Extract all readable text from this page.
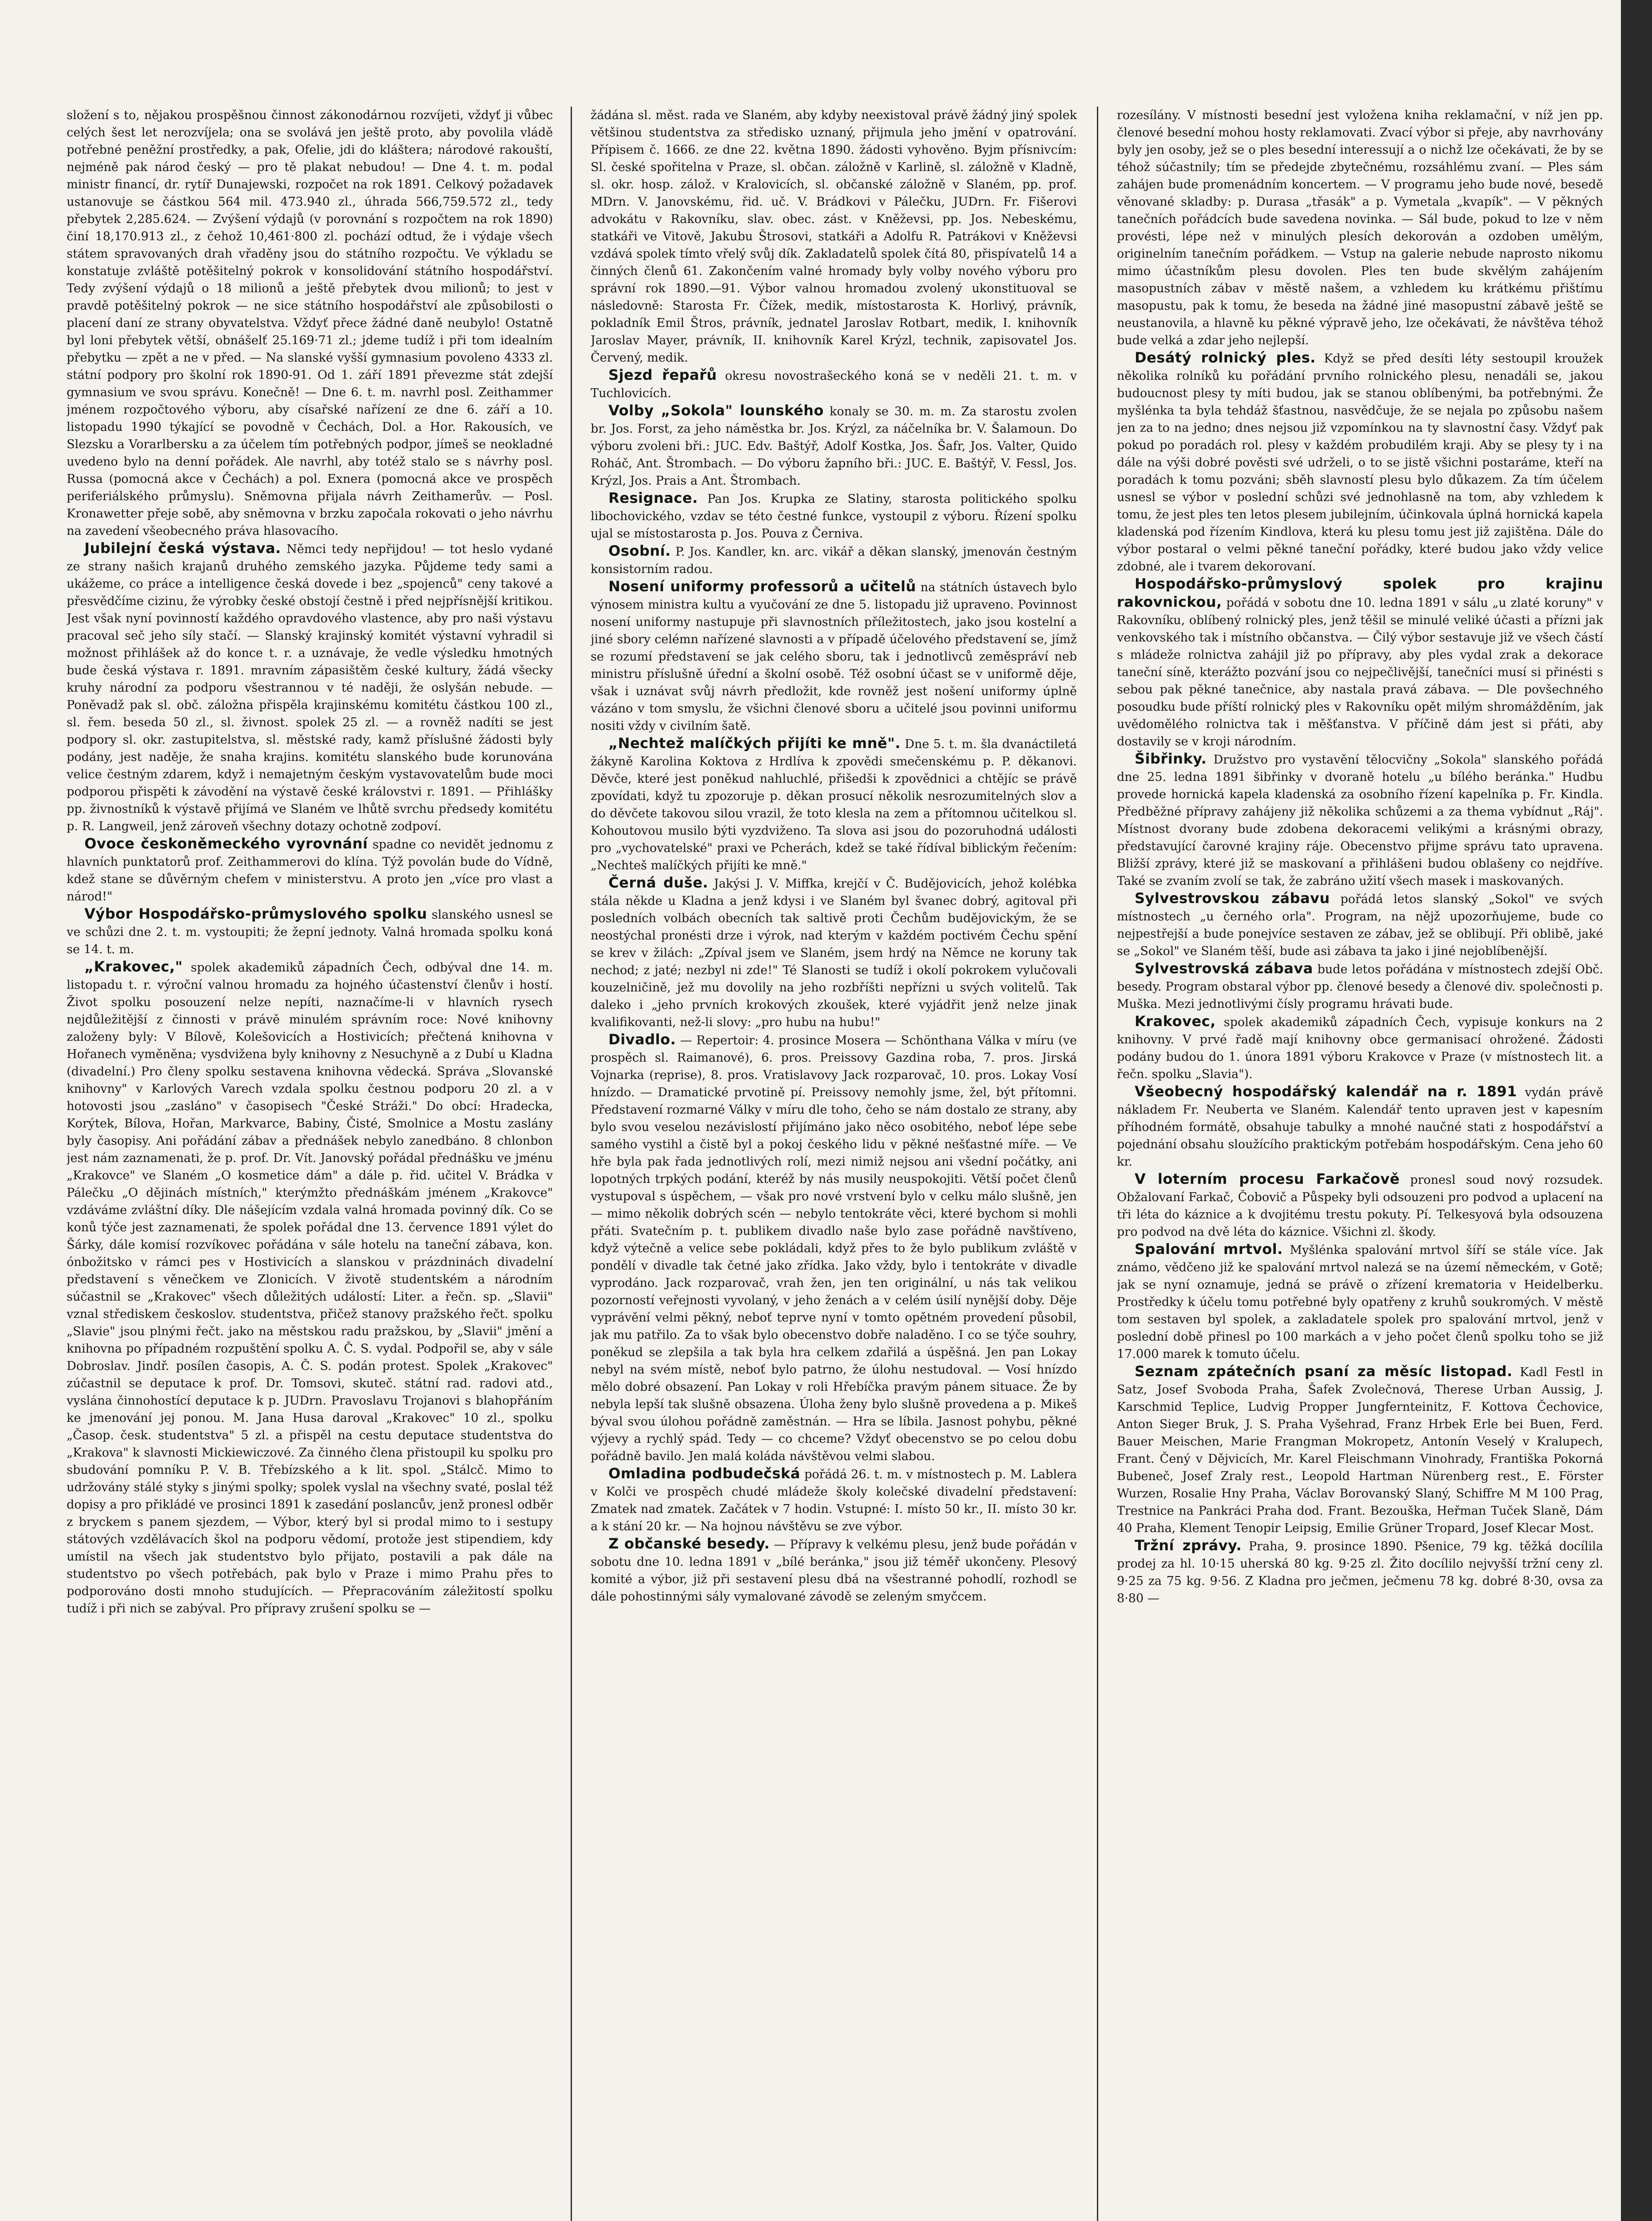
složení s to, nějakou prospěšnou činnost zákonodárnou rozvíjeti, vždyť ji vůbec celých šest let nerozvíjela; ona se svolává jen ještě proto, aby povolila vládě potřebné peněžní prostředky, a pak, Ofelie, jdi do kláštera; národové rakouští, nejméně pak národ český — pro tě plakat nebudou! — Dne 4. t. m. podal ministr financí, dr. rytíř Dunajewski, rozpočet na rok 1891. Celkový požadavek ustanovuje se částkou 564 mil. 473.940 zl., úhrada 566,759.572 zl., tedy přebytek 2,285.624. — Zvýšení výdajů (v porovnání s rozpočtem na rok 1890) činí 18,170.913 zl., z čehož 10,461·800 zl. pochází odtud, že i výdaje všech státem spravovaných drah vřaděny jsou do státního rozpočtu. Ve výkladu se konstatuje zvláště potěšitelný pokrok v konsolidování státního hospodářství. Tedy zvýšení výdajů o 18 milionů a ještě přebytek dvou milionů; to jest v pravdě potěšitelný pokrok — ne sice státního hospodářství ale způsobilosti o placení daní ze strany obyvatelstva. Vždyť přece žádné daně neubylo! Ostatně byl loni přebytek větší, obnášelť 25.169·71 zl.; jdeme tudíž i při tom idealním přebytku — zpět a ne v před. — Na slanské vyšší gymnasium povoleno 4333 zl. státní podpory pro školní rok 1890-91. Od 1. září 1891 převezme stát zdejší gymnasium ve svou správu. Konečně! — Dne 6. t. m. navrhl posl. Zeithammer jménem rozpočtového výboru, aby císařské nařízení ze dne 6. září a 10. listopadu 1990 týkající se povodně v Čechách, Dol. a Hor. Rakousích, ve Slezsku a Vorarlbersku a za účelem tím potřebných podpor, jímeš se neokladné uvedeno bylo na denní pořádek. Ale navrhl, aby totéž stalo se s návrhy posl. Russa (pomocná akce v Čechách) a pol. Exnera (pomocná akce ve prospěch periferiálského průmyslu). Sněmovna přijala návrh Zeithamerův. — Posl. Kronawetter přeje sobě, aby sněmovna v brzku započala rokovati o jeho návrhu na zavedení všeobecného práva hlasovacího.

Jubilejní česká výstava. Němci tedy nepřijdou! — tot heslo vydané ze strany našich krajanů druhého zemského jazyka. Půjdeme tedy sami a ukážeme, co práce a intelligence česká dovede i bez „spojenců" ceny takové a přesvědčíme cizinu, že výrobky české obstojí čestně i před nejpřísnější kritikou. Jest však nyní povinností každého opravdového vlastence, aby pro naši výstavu pracoval seč jeho síly stačí. — Slanský krajinský komitét výstavní vyhradil si možnost přihlášek až do konce t. r. a uznávaje, že vedle výsledku hmotných bude česká výstava r. 1891. mravním zápasištěm české kultury, žádá všecky kruhy národní za podporu všestrannou v té naději, že oslyšán nebude. — Poněvadž pak sl. obč. záložna přispěla krajinskému komitétu částkou 100 zl., sl. řem. beseda 50 zl., sl. živnost. spolek 25 zl. — a rovněž nadíti se jest podpory sl. okr. zastupitelstva, sl. městské rady, kamž příslušné žádosti byly podány, jest naděje, že snaha krajins. komitétu slanského bude korunována velice čestným zdarem, když i nemajetným českým vystavovatelům bude moci podporou přispěti k závodění na výstavě české královstvi r. 1891. — Přihlášky pp. živnostníků k výstavě přijímá ve Slaném ve lhůtě svrchu předsedy komitétu p. R. Langweil, jenž zároveň všechny dotazy ochotně zodpoví.

Ovoce českoněmeckého vyrovnání spadne co nevidět jednomu z hlavních punktatorů prof. Zeithammerovi do klína. Týž povolán bude do Vídně, kdež stane se důvěrným chefem v ministerstvu. A proto jen „více pro vlast a národ!"

Výbor Hospodářsko-průmyslového spolku slanského usnesl se ve schůzi dne 2. t. m. vystoupiti; že žepní jednoty. Valná hromada spolku koná se 14. t. m.

„Krakovec," spolek akademiků západních Čech, odbýval dne 14. m. listopadu t. r. výroční valnou hromadu za hojného účastenství členův i hostí. Život spolku posouzení nelze nepíti, naznačíme-li v hlavních rysech nejdůležitější z činnosti v právě minulém správním roce: Nové knihovny založeny byly: V Bílově, Kolešovicích a Hostivicích; přečtená knihovna v Hořanech vyměněna; vysdvižena byly knihovny z Nesuchyně a z Dubí u Kladna (divadelní.) Pro členy spolku sestavena knihovna vědecká. Správa „Slovanské knihovny" v Karlových Varech vzdala spolku čestnou podporu 20 zl. a v hotovosti jsou „zasláno" v časopisech "České Stráži." Do obcí: Hradecka, Korýtek, Bílova, Hořan, Markvarce, Babiny, Čisté, Smolnice a Mostu zaslány byly časopisy. Ani pořádání zábav a přednášek nebylo zanedbáno. 8 chlonbon jest nám zaznamenati, že p. prof. Dr. Vít. Janovský pořádal přednášku ve jménu „Krakovce" ve Slaném „O kosmetice dám" a dále p. řid. učitel V. Brádka v Pálečku „O dějinách místních," kterýmžto přednáškám jménem „Krakovce" vzdáváme zvláštní díky. Dle nášejícím vzdala valná hromada povinný dík. Co se konů týče jest zaznamenati, že spolek pořádal dne 13. července 1891 výlet do Šárky, dále komisí rozvíkovec pořádána v sále hotelu na taneční zábava, kon. ónbožitsko v rámci pes v Hostivicích a slanskou v prázdninách divadelní představení s věnečkem ve Zlonicích. V životě studentském a národním súčastnil se „Krakovec" všech důležitých událostí: Liter. a řečn. sp. „Slavii" vznal střediskem českoslov. studentstva, přičež stanovy pražského řečt. spolku „Slavie" jsou plnými řečt. jako na městskou radu pražskou, by „Slavii" jmění a knihovna po případném rozpuštění spolku A. Č. S. vydal. Podpořil se, aby v sále Dobroslav. Jindř. posílen časopis, A. Č. S. podán protest. Spolek „Krakovec" zúčastnil se deputace k prof. Dr. Tomsovi, skuteč. státní rad. radovi atd., vyslána činnohostící deputace k p. JUDrn. Pravoslavu Trojanovi s blahopřáním ke jmenování jej ponou. M. Jana Husa daroval „Krakovec" 10 zl., spolku „Časop. česk. studentstva" 5 zl. a přispěl na cestu deputace studentstva do „Krakova" k slavnosti Mickiewiczové. Za činného člena přistoupil ku spolku pro sbudování pomníku P. V. B. Třebízského a k lit. spol. „Stálcč. Mimo to udržovány stálé styky s jinými spolky; spolek vyslal na všechny svaté, poslal též dopisy a pro přikládé ve prosinci 1891 k zasedání poslancův, jenž pronesl odběr z bryckem s panem sjezdem, — Výbor, který byl si prodal mimo to i sestupy státových vzdělávacích škol na podporu vědomí, protože jest stipendiem, kdy umístil na všech jak studentstvo bylo přijato, postavili a pak dále na studentstvo po všech potřebách, pak bylo v Praze i mimo Prahu přes to podporováno dosti mnoho studujících. — Přepracováním záležitostí spolku tudíž i při nich se zabýval. Pro přípravy zrušení spolku se —

žádána sl. měst. rada ve Slaném, aby kdyby neexistoval právě žádný jiný spolek většinou studentstva za středisko uznaný, přijmula jeho jmění v opatrování. Přípisem č. 1666. ze dne 22. května 1890. žádosti vyhověno. Byjm přísnivcím: Sl. české spořitelna v Praze, sl. občan. záložně v Karlině, sl. záložně v Kladně, sl. okr. hosp. zálož. v Kralovicích, sl. občanské záložně v Slaném, pp. prof. MDrn. V. Janovskému, řid. uč. V. Brádkovi v Pálečku, JUDrn. Fr. Fišerovi advokátu v Rakovníku, slav. obec. zást. v Kněževsi, pp. Jos. Nebeskému, statkáři ve Vitově, Jakubu Štrosovi, statkáři a Adolfu R. Patrákovi v Kněževsi vzdává spolek tímto vřelý svůj dík. Zakladatelů spolek čítá 80, přispívatelů 14 a činných členů 61. Zakončením valné hromady byly volby nového výboru pro správní rok 1890.—91. Výbor valnou hromadou zvolený ukonstituoval se následovně: Starosta Fr. Čížek, medik, místostarosta K. Horlivý, právník, pokladník Emil Štros, právník, jednatel Jaroslav Rotbart, medik, I. knihovník Jaroslav Mayer, právník, II. knihovník Karel Krýzl, technik, zapisovatel Jos. Červený, medik.

Sjezd řepařů okresu novostrašeckého koná se v neděli 21. t. m. v Tuchlovicích.

Volby „Sokola" lounského konaly se 30. m. m. Za starostu zvolen br. Jos. Forst, za jeho náměstka br. Jos. Krýzl, za náčelníka br. V. Šalamoun. Do výboru zvoleni bři.: JUC. Edv. Baštýř, Adolf Kostka, Jos. Šafr, Jos. Valter, Quido Roháč, Ant. Štrombach. — Do výboru žapního bři.: JUC. E. Baštýř, V. Fessl, Jos. Krýzl, Jos. Prais a Ant. Štrombach.

Resignace. Pan Jos. Krupka ze Slatiny, starosta politického spolku libochovického, vzdav se této čestné funkce, vystoupil z výboru. Řízení spolku ujal se místostarosta p. Jos. Pouva z Černiva.

Osobní. P. Jos. Kandler, kn. arc. vikář a děkan slanský, jmenován čestným konsistorním radou.

Nosení uniformy professorů a učitelů na státních ústavech bylo výnosem ministra kultu a vyučování ze dne 5. listopadu již upraveno. Povinnost nosení uniformy nastupuje při slavnostních příležitostech, jako jsou kostelní a jiné sbory celémn nařízené slavnosti a v případě účelového představení se, jímž se rozumí představení se jak celého sboru, tak i jednotlivců zeměspráví neb ministru příslušně úřední a školní osobě. Též osobní účast se v uniformě děje, však i uznávat svůj návrh předložit, kde rovněž jest nošení uniformy úplně vázáno v tom smyslu, že všichni členové sboru a učitelé jsou povinni uniformu nositi vždy v civilním šatě.

„Nechtež malíčkých přijíti ke mně". Dne 5. t. m. šla dvanáctiletá žákyně Karolina Koktova z Hrdlíva k zpovědi smečenskému p. P. děkanovi. Děvče, které jest poněkud nahluchlé, přišedši k zpovědnici a chtějíc se právě zpovídati, když tu zpozoruje p. děkan prosucí několik nesrozumitelných slov a do děvčete takovou silou vrazil, že toto klesla na zem a přítomnou učitelkou sl. Kohoutovou musilo býti vyzdviženo. Ta slova asi jsou do pozoruhodná události pro „vychovatelské" praxi ve Pcherách, kdež se také řídíval biblickým řečením: „Nechteš malíčkých přijíti ke mně."

Černá duše. Jakýsi J. V. Miffka, krejčí v Č. Budějovicích, jehož kolébka stála někde u Kladna a jenž kdysi i ve Slaném byl švanec dobrý, agitoval při posledních volbách obecních tak saltivě proti Čechům budějovickým, že se neostýchal pronésti drze i výrok, nad kterým v každém poctivém Čechu spění se krev v žilách: „Zpíval jsem ve Slaném, jsem hrdý na Němce ne koruny tak nechod; z jaté; nezbyl ni zde!" Té Slanosti se tudíž i okolí pokrokem vylučovali kouzelničině, jež mu dovolily na jeho rozbříšti nepřízni u svých volitelů. Tak daleko i „jeho prvních krokových zkoušek, které vyjádřit jenž nelze jinak kvalifikovanti, než-li slovy: „pro hubu na hubu!"

Divadlo. — Repertoir: 4. prosince Mosera — Schönthana Válka v míru (ve prospěch sl. Raimanové), 6. pros. Preissovy Gazdina roba, 7. pros. Jirská Vojnarka (reprise), 8. pros. Vratislavovy Jack rozparovač, 10. pros. Lokay Vosí hnízdo. — Dramatické prvotině pí. Preissovy nemohly jsme, žel, být přítomni. Představení rozmarné Války v míru dle toho, čeho se nám dostalo ze strany, aby bylo svou veselou nezávislostí přijímáno jako něco osobitého, neboť lépe sebe samého vystihl a čistě byl a pokoj českého lidu v pěkné nešťastné míře. — Ve hře byla pak řada jednotlivých rolí, mezi nimiž nejsou ani všední počátky, ani lopotných trpkých podání, kteréž by nás musily neuspokojiti. Větší počet členů vystupoval s úspěchem, — však pro nové vrstvení bylo v celku málo slušně, jen — mimo několik dobrých scén — nebylo tentokráte věci, které bychom si mohli přáti. Svatečním p. t. publikem divadlo naše bylo zase pořádně navštíveno, když výtečně a velice sebe pokládali, když přes to že bylo publikum zvláště v pondělí v divadle tak četné jako zřídka. Jako vždy, bylo i tentokráte v divadle vyprodáno. Jack rozparovač, vrah žen, jen ten originální, u nás tak velikou pozorností veřejnosti vyvolaný, v jeho ženách a v celém úsilí nynější doby. Děje vyprávění velmi pěkný, neboť teprve nyní v tomto opětném provedení působil, jak mu patřilo. Za to však bylo obecenstvo dobře naladěno. I co se týče souhry, poněkud se zlepšila a tak byla hra celkem zdařilá a úspěšná. Jen pan Lokay nebyl na svém místě, neboť bylo patrno, že úlohu nestudoval. — Vosí hnízdo mělo dobré obsazení. Pan Lokay v roli Hřebíčka pravým pánem situace. Že by nebyla lepší tak slušně obsazena. Úloha ženy bylo slušně provedena a p. Mikeš býval svou úlohou pořádně zaměstnán. — Hra se líbila. Jasnost pohybu, pěkné výjevy a rychlý spád. Tedy — co chceme? Vždyť obecenstvo se po celou dobu pořádně bavilo. Jen malá koláda návštěvou velmi slabou.

Omladina podbudečská pořádá 26. t. m. v místnostech p. M. Lablera v Kolči ve prospěch chudé mládeže školy kolečské divadelní představení: Zmatek nad zmatek. Začátek v 7 hodin. Vstupné: I. místo 50 kr., II. místo 30 kr. a k stání 20 kr. — Na hojnou návštěvu se zve výbor.

Z občanské besedy. — Přípravy k velkému plesu, jenž bude pořádán v sobotu dne 10. ledna 1891 v „bílé beránka," jsou již téměř ukončeny. Plesový komité a výbor, již při sestavení plesu dbá na všestranné pohodlí, rozhodl se dále pohostinnými sály vymalované závodě se zeleným smyčcem.

rozesílány. V místnosti besední jest vyložena kniha reklamační, v níž jen pp. členové besední mohou hosty reklamovati. Zvací výbor si přeje, aby navrhovány byly jen osoby, jež se o ples besední interessují a o nichž lze očekávati, že by se téhož súčastnily; tím se předejde zbytečnému, rozsáhlému zvaní. — Ples sám zahájen bude promenádním koncertem. — V programu jeho bude nové, besedě věnované skladby: p. Durasa „třasák" a p. Vymetala „kvapík". — V pěkných tanečních pořádcích bude savedena novinka. — Sál bude, pokud to lze v něm provésti, lépe než v minulých plesích dekorován a ozdoben umělým, originelním tanečním pořádkem. — Vstup na galerie nebude naprosto nikomu mimo účastníkům plesu dovolen. Ples ten bude skvělým zahájením masopustních zábav v městě našem, a vzhledem ku krátkému přištímu masopustu, pak k tomu, že beseda na žádné jiné masopustní zábavě ještě se neustanovila, a hlavně ku pěkné výpravě jeho, lze očekávati, že návštěva téhož bude velká a zdar jeho nejlepší.

Desátý rolnický ples. Když se před desíti léty sestoupil kroužek několika rolníků ku pořádání prvního rolnického plesu, nenadáli se, jakou budoucnost plesy ty míti budou, jak se stanou oblíbenými, ba potřebnými. Že myšlénka ta byla tehdáž šťastnou, nasvědčuje, že se nejala po způsobu našem jen za to na jedno; dnes nejsou již vzpomínkou na ty slavnostní časy. Vždyť pak pokud po poradách rol. plesy v každém probudilém kraji. Aby se plesy ty i na dále na výši dobré pověsti své udrželi, o to se jistě všichni postaráme, kteří na poradách k tomu pozváni; sběh slavností plesu bylo důkazem. Za tím účelem usnesl se výbor v poslední schůzi své jednohlasně na tom, aby vzhledem k tomu, že jest ples ten letos plesem jubilejním, účinkovala úplná hornická kapela kladenská pod řízením Kindlova, která ku plesu tomu jest již zajištěna. Dále do výbor postaral o velmi pěkné taneční pořádky, které budou jako vždy velice zdobné, ale i tvarem dekorovaní.

Hospodářsko-průmyslový spolek pro krajinu rakovnickou, pořádá v sobotu dne 10. ledna 1891 v sálu „u zlaté koruny" v Rakovníku, oblíbený rolnický ples, jenž těšil se minulé veliké účasti a přízni jak venkovského tak i místního občanstva. — Čilý výbor sestavuje již ve všech částí s mládeže rolnictva zahájil již po přípravy, aby ples vydal zrak a dekorace taneční síně, kterážto pozvání jsou co nejpečlivější, tanečníci musí si přinésti s sebou pak pěkné tanečnice, aby nastala pravá zábava. — Dle povšechného posoudku bude příští rolnický ples v Rakovníku opět milým shromážděním, jak uvědomělého rolnictva tak i měšťanstva. V příčině dám jest si přáti, aby dostavily se v kroji národním.

Šibřinky. Družstvo pro vystavění tělocvičny „Sokola" slanského pořádá dne 25. ledna 1891 šibřinky v dvoraně hotelu „u bílého beránka." Hudbu provede hornická kapela kladenská za osobního řízení kapelníka p. Fr. Kindla. Předběžné přípravy zahájeny již několika schůzemi a za thema vybídnut „Ráj". Místnost dvorany bude zdobena dekoracemi velikými a krásnými obrazy, představující čarovné krajiny ráje. Obecenstvo přijme správu tato upravena. Bližší zprávy, které již se maskovaní a přihlášeni budou oblašeny co nejdříve. Také se zvaním zvolí se tak, že zabráno užití všech masek i maskovaných.

Sylvestrovskou zábavu pořádá letos slanský „Sokol" ve svých místnostech „u černého orla". Program, na nějž upozorňujeme, bude co nejpestřejší a bude ponejvíce sestaven ze zábav, jež se oblibují. Při oblibě, jaké se „Sokol" ve Slaném těší, bude asi zábava ta jako i jiné nejoblíbenější.

Sylvestrovská zábava bude letos pořádána v místnostech zdejší Obč. besedy. Program obstaral výbor pp. členové besedy a členové div. společnosti p. Muška. Mezi jednotlivými čísly programu hrávati bude.

Krakovec, spolek akademiků západních Čech, vypisuje konkurs na 2 knihovny. V prvé řadě mají knihovny obce germanisací ohrožené. Žádosti podány budou do 1. února 1891 výboru Krakovce v Praze (v místnostech lit. a řečn. spolku „Slavia").

Všeobecný hospodářský kalendář na r. 1891 vydán právě nákladem Fr. Neuberta ve Slaném. Kalendář tento upraven jest v kapesním příhodném formátě, obsahuje tabulky a mnohé naučné stati z hospodářství a pojednání obsahu sloužícího praktickým potřebám hospodářským. Cena jeho 60 kr.

V loterním procesu Farkačově pronesl soud nový rozsudek. Obžalovaní Farkač, Čobovič a Půspeky byli odsouzeni pro podvod a uplacení na tři léta do káznice a k dvojitému trestu pokuty. Pí. Telkesyová byla odsouzena pro podvod na dvě léta do káznice. Všichni zl. škody.

Spalování mrtvol. Myšlénka spalování mrtvol šíří se stále více. Jak známo, vědčeno již ke spalování mrtvol nalezá se na území německém, v Gotě; jak se nyní oznamuje, jedná se právě o zřízení krematoria v Heidelberku. Prostředky k účelu tomu potřebné byly opatřeny z kruhů soukromých. V městě tom sestaven byl spolek, a zakladatele spolek pro spalování mrtvol, jenž v poslední době přinesl po 100 markách a v jeho počet členů spolku toho se již 17.000 marek k tomuto účelu.

Seznam zpátečních psaní za měsíc listopad. Kadl Festl in Satz, Josef Svoboda Praha, Šafek Zvolečnová, Therese Urban Aussig, J. Karschmid Teplice, Ludvig Propper Jungfernteinitz, F. Kottova Čechovice, Anton Sieger Bruk, J. S. Praha Vyšehrad, Franz Hrbek Erle bei Buen, Ferd. Bauer Meischen, Marie Frangman Mokropetz, Antonín Veselý v Kralupech, Frant. Čený v Dějvicích, Mr. Karel Fleischmann Vinohrady, Františka Pokorná Bubeneč, Josef Zraly rest., Leopold Hartman Nürenberg rest., E. Förster Wurzen, Rosalie Hny Praha, Václav Borovanský Slaný, Schiffre M M 100 Prag, Trestnice na Pankráci Praha dod. Frant. Bezouška, Heřman Tuček Slaně, Dám 40 Praha, Klement Tenopir Leipsig, Emilie Grüner Tropard, Josef Klecar Most.

Tržní zprávy. Praha, 9. prosince 1890. Pšenice, 79 kg. těžká docílila prodej za hl. 10·15 uherská 80 kg. 9·25 zl. Žito docílilo nejvyšší tržní ceny zl. 9·25 za 75 kg. 9·56. Z Kladna pro ječmen, ječmenu 78 kg. dobré 8·30, ovsa za 8·80 —
